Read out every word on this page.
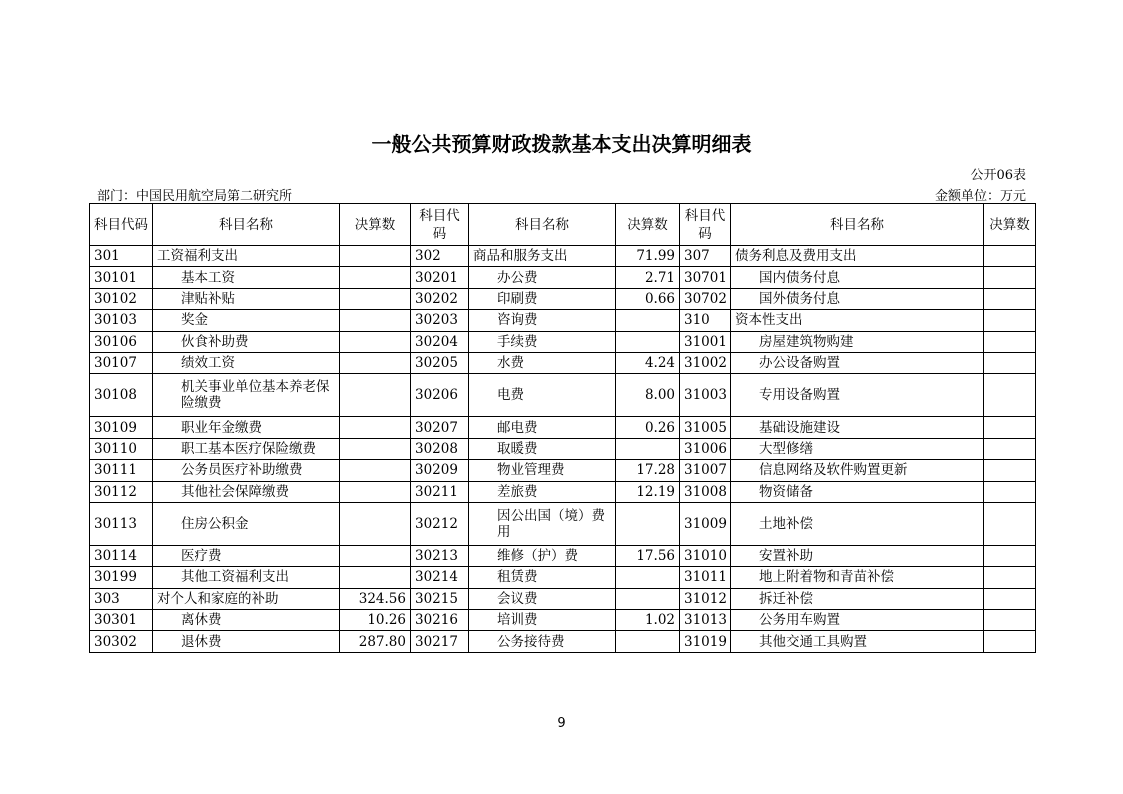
一般公共预算财政拨款基本支出决算明细表
公开06表
部门：中国民用航空局第二研究所	金额单位：万元
科目代码	科目名称	决算数	科目代码	科目名称	决算数	科目代码	科目名称	决算数
301	工资福利支出		302	商品和服务支出	71.99	307	债务利息及费用支出	
30101	基本工资		30201	办公费	2.71	30701	国内债务付息	
30102	津贴补贴		30202	印刷费	0.66	30702	国外债务付息	
30103	奖金		30203	咨询费		310	资本性支出	
30106	伙食补助费		30204	手续费		31001	房屋建筑物购建	
30107	绩效工资		30205	水费	4.24	31002	办公设备购置	
30108	机关事业单位基本养老保险缴费		30206	电费	8.00	31003	专用设备购置	
30109	职业年金缴费		30207	邮电费	0.26	31005	基础设施建设	
30110	职工基本医疗保险缴费		30208	取暖费		31006	大型修缮	
30111	公务员医疗补助缴费		30209	物业管理费	17.28	31007	信息网络及软件购置更新	
30112	其他社会保障缴费		30211	差旅费	12.19	31008	物资储备	
30113	住房公积金		30212	因公出国（境）费用		31009	土地补偿	
30114	医疗费		30213	维修（护）费	17.56	31010	安置补助	
30199	其他工资福利支出		30214	租赁费		31011	地上附着物和青苗补偿	
303	对个人和家庭的补助	324.56	30215	会议费		31012	拆迁补偿	
30301	离休费	10.26	30216	培训费	1.02	31013	公务用车购置	
30302	退休费	287.80	30217	公务接待费		31019	其他交通工具购置	
9
